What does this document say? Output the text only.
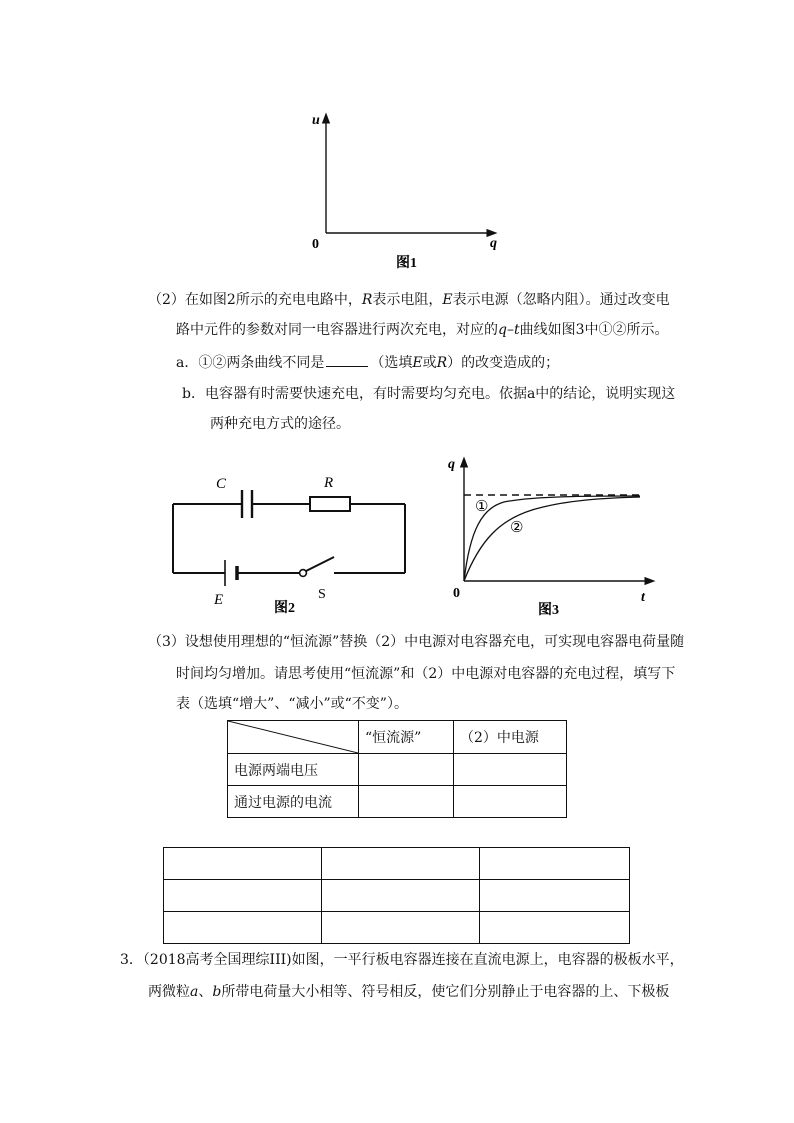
u
q
0
图1
（2）在如图2所示的充电电路中，R表示电阻，E表示电源（忽略内阻）。通过改变电
路中元件的参数对同一电容器进行两次充电，对应的q–t曲线如图3中①②所示。
a．①②两条曲线不同是	（选填E或R）的改变造成的；
b．电容器有时需要快速充电，有时需要均匀充电。依据a中的结论，说明实现这
两种充电方式的途径。
C	R
E	S
图2
q
t
0
①
②
图3
（3）设想使用理想的“恒流源”替换（2）中电源对电容器充电，可实现电容器电荷量随
时间均匀增加。请思考使用“恒流源”和（2）中电源对电容器的充电过程，填写下
表（选填“增大”、“减小”或“不变”）。
	“恒流源”	（2）中电源
电源两端电压		
通过电源的电流		

3．（2018高考全国理综III)如图，一平行板电容器连接在直流电源上，电容器的极板水平，
两微粒a、b所带电荷量大小相等、符号相反，使它们分别静止于电容器的上、下极板
